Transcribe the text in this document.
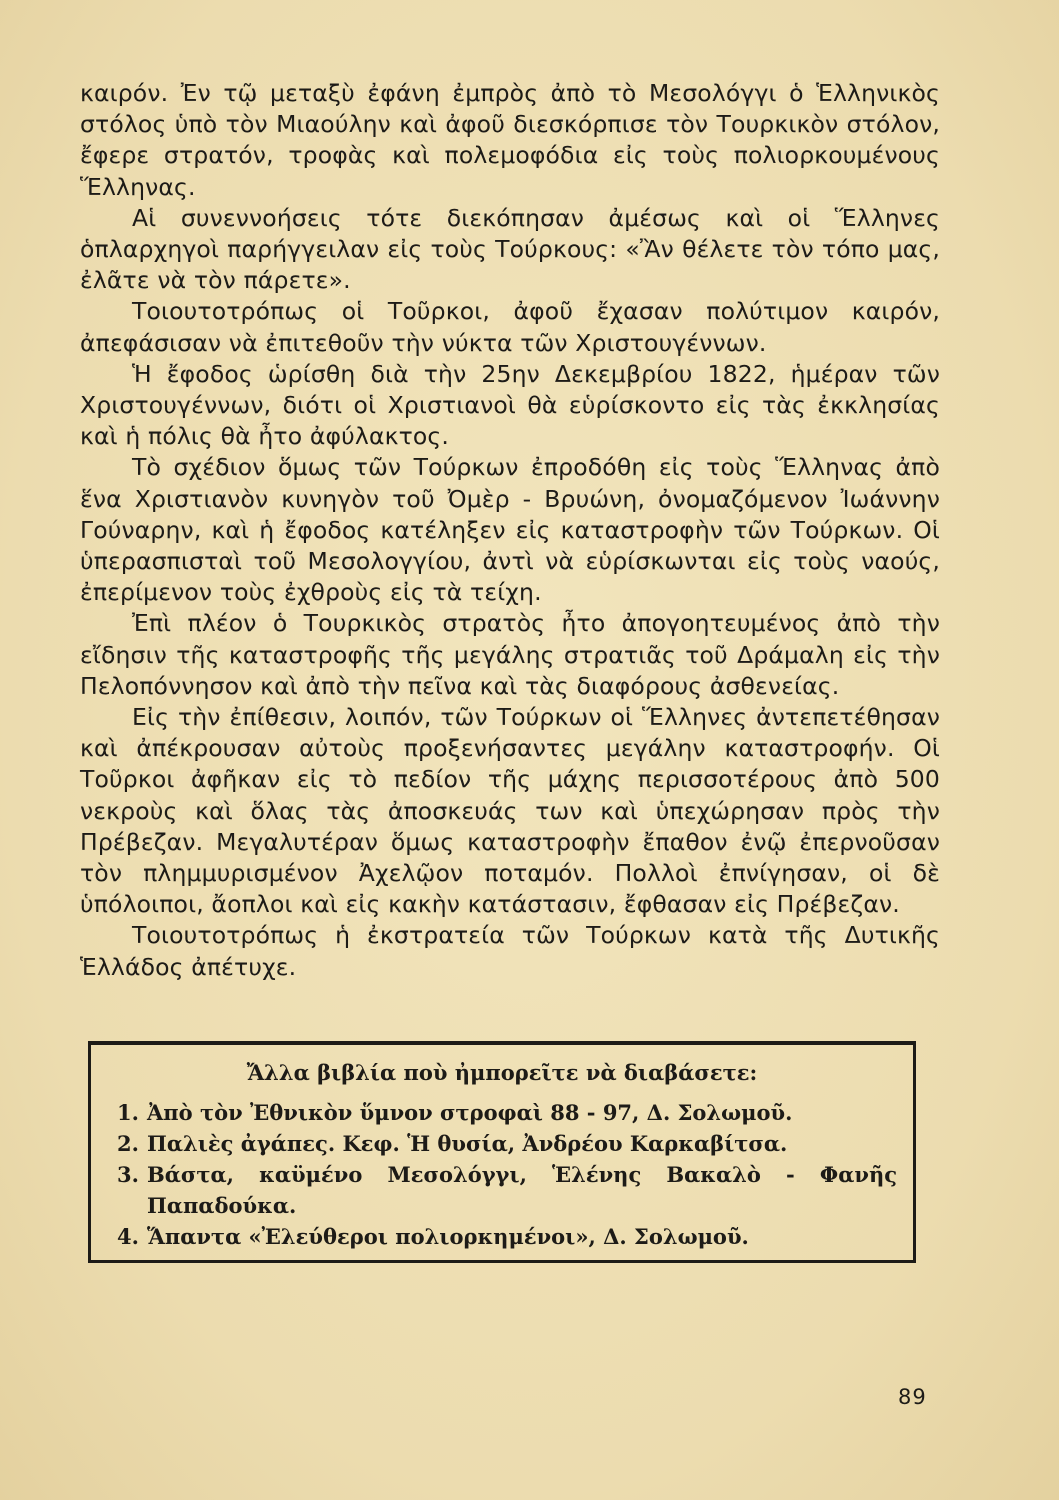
καιρόν. Ἐν τῷ μεταξὺ ἐφάνη ἐμπρὸς ἀπὸ τὸ Μεσολόγγι ὁ Ἑλληνικὸς στόλος ὑπὸ τὸν Μιαούλην καὶ ἀφοῦ διεσκόρπισε τὸν Τουρκικὸν στόλον, ἔφερε στρατόν, τροφὰς καὶ πολεμοφόδια εἰς τοὺς πολιορκουμένους Ἕλληνας.

Αἱ συνεννοήσεις τότε διεκόπησαν ἀμέσως καὶ οἱ Ἕλληνες ὁπλαρχηγοὶ παρήγγειλαν εἰς τοὺς Τούρκους: «Ἂν θέλετε τὸν τόπο μας, ἐλᾶτε νὰ τὸν πάρετε».

Τοιουτοτρόπως οἱ Τοῦρκοι, ἀφοῦ ἔχασαν πολύτιμον καιρόν, ἀπεφάσισαν νὰ ἐπιτεθοῦν τὴν νύκτα τῶν Χριστουγέννων.

Ἡ ἔφοδος ὡρίσθη διὰ τὴν 25ην Δεκεμβρίου 1822, ἡμέραν τῶν Χριστουγέννων, διότι οἱ Χριστιανοὶ θὰ εὑρίσκοντο εἰς τὰς ἐκκλησίας καὶ ἡ πόλις θὰ ἦτο ἀφύλακτος.

Τὸ σχέδιον ὅμως τῶν Τούρκων ἐπροδόθη εἰς τοὺς Ἕλληνας ἀπὸ ἕνα Χριστιανὸν κυνηγὸν τοῦ Ὀμὲρ - Βρυώνη, ὀνομαζόμενον Ἰωάννην Γούναρην, καὶ ἡ ἔφοδος κατέληξεν εἰς καταστροφὴν τῶν Τούρκων. Οἱ ὑπερασπισταὶ τοῦ Μεσολογγίου, ἀντὶ νὰ εὑρίσκωνται εἰς τοὺς ναούς, ἐπερίμενον τοὺς ἐχθροὺς εἰς τὰ τείχη.

Ἐπὶ πλέον ὁ Τουρκικὸς στρατὸς ἦτο ἀπογοητευμένος ἀπὸ τὴν εἴδησιν τῆς καταστροφῆς τῆς μεγάλης στρατιᾶς τοῦ Δράμαλη εἰς τὴν Πελοπόννησον καὶ ἀπὸ τὴν πεῖνα καὶ τὰς διαφόρους ἀσθενείας.

Εἰς τὴν ἐπίθεσιν, λοιπόν, τῶν Τούρκων οἱ Ἕλληνες ἀντεπετέθησαν καὶ ἀπέκρουσαν αὐτοὺς προξενήσαντες μεγάλην καταστροφήν. Οἱ Τοῦρκοι ἀφῆκαν εἰς τὸ πεδίον τῆς μάχης περισσοτέρους ἀπὸ 500 νεκροὺς καὶ ὅλας τὰς ἀποσκευάς των καὶ ὑπεχώρησαν πρὸς τὴν Πρέβεζαν. Μεγαλυτέραν ὅμως καταστροφὴν ἔπαθον ἐνῷ ἐπερνοῦσαν τὸν πλημμυρισμένον Ἀχελῷον ποταμόν. Πολλοὶ ἐπνίγησαν, οἱ δὲ ὑπόλοιποι, ἄοπλοι καὶ εἰς κακὴν κατάστασιν, ἔφθασαν εἰς Πρέβεζαν.

Τοιουτοτρόπως ἡ ἐκστρατεία τῶν Τούρκων κατὰ τῆς Δυτικῆς Ἑλλάδος ἀπέτυχε.

Ἄλλα βιβλία ποὺ ἠμπορεῖτε νὰ διαβάσετε:
1. Ἀπὸ τὸν Ἐθνικὸν ὕμνον στροφαὶ 88 - 97, Δ. Σολωμοῦ.
2. Παλιὲς ἀγάπες. Κεφ. Ἡ θυσία, Ἀνδρέου Καρκαβίτσα.
3. Βάστα, καϋμένο Μεσολόγγι, Ἑλένης Βακαλὸ - Φανῆς Παπαδούκα.
4. Ἅπαντα «Ἐλεύθεροι πολιορκημένοι», Δ. Σολωμοῦ.
89
